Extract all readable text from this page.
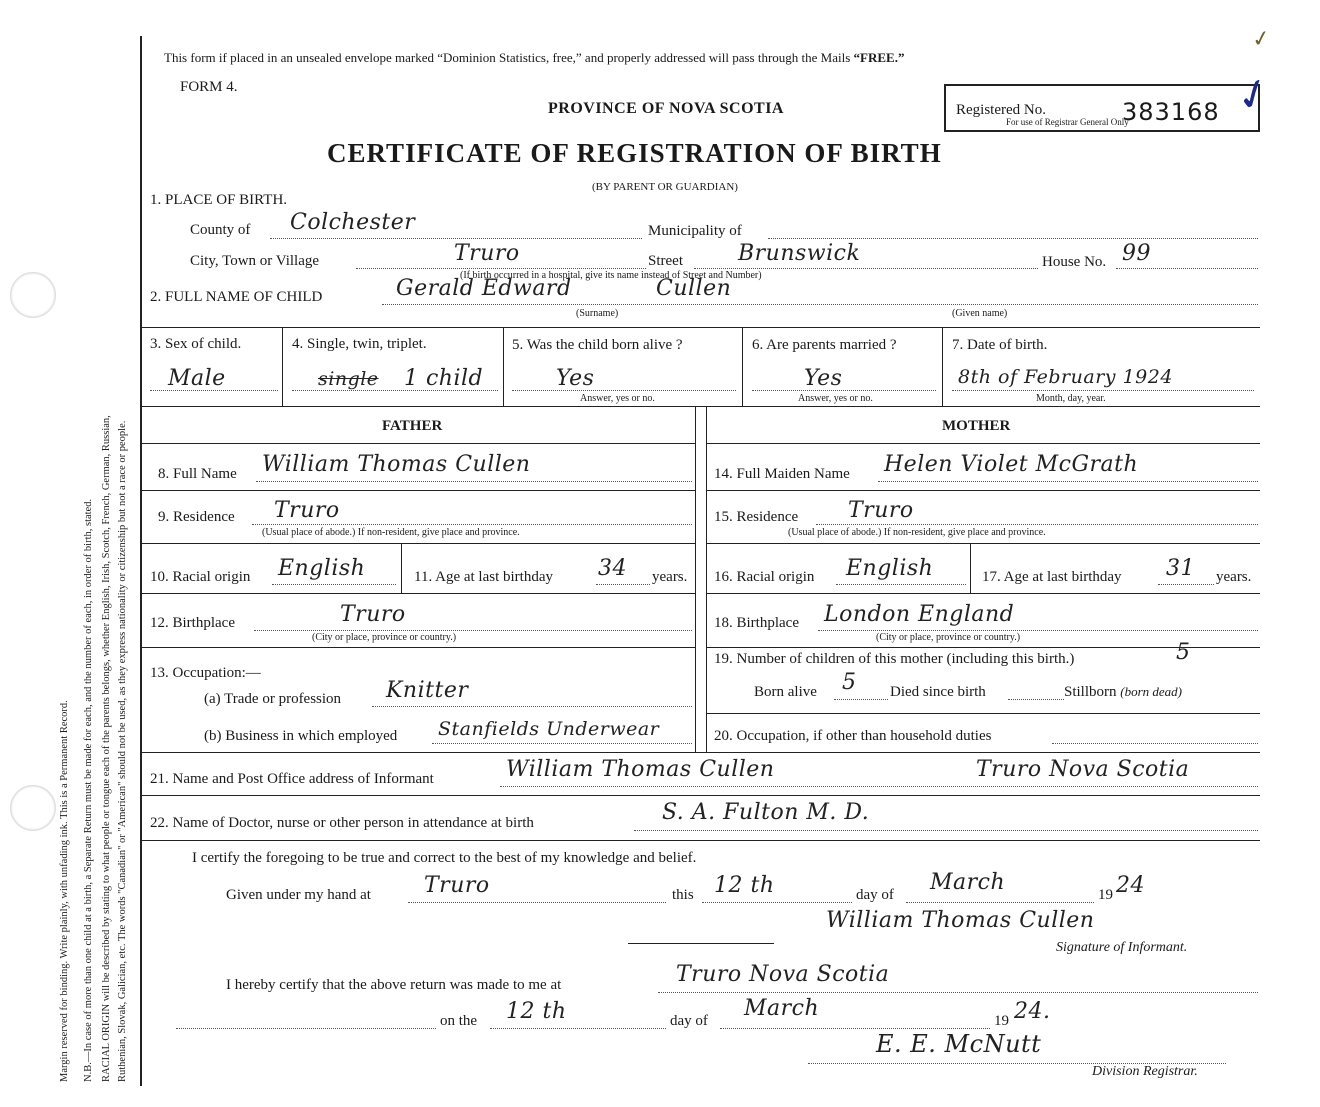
Margin reserved for binding. Write plainly, with unfading ink. This is a Permanent Record. N.B.—In case of more than one child at a birth, a Separate Return must be made for each, and the number of each, in order of birth, stated. RACIAL ORIGIN will be described by stating to what people or tongue each of the parents belongs, whether English, Irish, Scotch, French, German, Russian, Ruthenian, Slovak, Galician, etc. The words "Canadian" or "American" should not be used, as they express nationality or citizenship but not a race or people.
This form if placed in an unsealed envelope marked “Dominion Statistics, free,” and properly addressed will pass through the Mails “FREE.”
FORM 4.
PROVINCE OF NOVA SCOTIA
CERTIFICATE OF REGISTRATION OF BIRTH
(BY PARENT OR GUARDIAN)
Registered No.
For use of Registrar General Only
383168 ✓
✓
1. PLACE OF BIRTH.
County of Colchester	Municipality of
City, Town or Village	Truro	Street	Brunswick	House No. 99
(If birth occurred in a hospital, give its name instead of Street and Number)
2. FULL NAME OF CHILD	Gerald Edward	Cullen
(Surname)	(Given name)
3. Sex of child.
Male
4. Single, twin, triplet.
single 1 child
5. Was the child born alive ?
Yes
Answer, yes or no.
6. Are parents married ?
Yes
Answer, yes or no.
7. Date of birth.
8th of February 1924
Month, day, year.
FATHER	MOTHER
8. Full Name William Thomas Cullen	14. Full Maiden Name Helen Violet McGrath
9. Residence Truro
(Usual place of abode.) If non-resident, give place and province.
15. Residence Truro
(Usual place of abode.) If non-resident, give place and province.
10. Racial origin English	11. Age at last birthday 34 years. 16. Racial origin English	17. Age at last birthday 31 years.
12. Birthplace	Truro
(City or place, province or country.)
18. Birthplace London England
(City or place, province or country.)
13. Occupation:—
(a) Trade or profession Knitter
(b) Business in which employed Stanfields Underwear
19. Number of children of this mother (including this birth.)	5
Born alive 5 Died since birth	Stillborn (born dead)
20. Occupation, if other than household duties
21. Name and Post Office address of Informant	William Thomas Cullen	Truro Nova Scotia
22. Name of Doctor, nurse or other person in attendance at birth	S. A. Fulton M. D.
I certify the foregoing to be true and correct to the best of my knowledge and belief.
Given under my hand at Truro	this 12 th	day of March	19 24
William Thomas Cullen
Signature of Informant.
I hereby certify that the above return was made to me at	Truro Nova Scotia
on the 12 th	day of March	19 24.
E. E. McNutt
Division Registrar.
